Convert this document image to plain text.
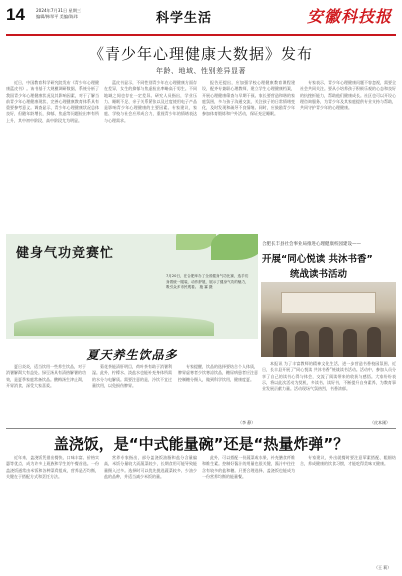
14	2024年7月31日 星期三
编辑/韩翠平 美编/陈玮	科学生活	安徽科技报
《青少年心理健康大数据》发布
年龄、地域、性别差异显著

近日，中国教育科学研究院发布《青少年心理健康蓝皮书》。该书基于大规模调研数据，系统分析了我国青少年心理健康状况及其影响因素，对于了解当前青少年心理健康现状、完善心理健康教育体系具有重要参考意义。调查显示，青少年心理健康状况总体良好，但随年龄增长，抑郁、焦虑等问题检出率有所上升，其中初中阶段、高中阶段尤为明显。

蓝皮书显示，不同性别青少年在心理健康方面存在差异，女生的抑郁与焦虑检出率略高于男生。不同地域之间也存在一定差异。研究人员指出，学业压力、睡眠不足、亲子关系紧张以及过度使用电子产品是影响青少年心理健康的主要因素。专家建议，家庭、学校与社会应形成合力，重视青少年的情绪表达与心理需求。

报告还提出，应加强学校心理健康教育课程建设，配齐专兼职心理教师，建立学生心理健康档案，开展心理健康筛查与早期干预。家长要营造和谐的家庭氛围，多与孩子沟通交流，关注孩子的日常情绪变化，及时发现和疏导不良情绪。同时，应鼓励青少年参加体育锻炼和户外活动，保证充足睡眠。

专家表示，青少年心理健康问题不容忽视，需要全社会共同关注。要从小培养孩子积极乐观的心态和良好的抗挫折能力，帮助他们健康成长。社区也可以开设心理咨询服务，为青少年及其家庭提供专业支持与帮助，共同守护青少年的心理健康。

健身气功竞赛忙
7月20日，在合肥举办了全省健身气功比赛，选手们身着统一服装，动作舒展，展示了健身气功的魅力，吸引众多市民观看。 施 霖 摄
夏天养生饮品多

夏日炎炎，适当饮用一些养生饮品，对于消暑解渴大有益处。绿豆汤具有清热解暑的功效，是夏季家庭常备饮品。酸梅汤生津止渴，开胃消食，深受大家喜爱。

菊花茶能清肝明目，荷叶茶有助于消暑利湿。此外，柠檬水、淡盐水也能补充身体所需的水分与电解质。需要注意的是，冷饮不宜过量饮用，以免损伤脾胃。

专家提醒，饮品的选择要结合个人体质，脾胃虚寒者少饮寒凉饮品，糖尿病患者应注意控制糖分摄入，做到科学饮用，健康度夏。

（李 静）
合肥长丰县社会事业局推进心理健康校园建设——
开展“同心悦读 共沐书香”
统战读书活动

本报讯 为了丰富教师的精神文化生活，进一步营造书香校园氛围，近日，长丰县开展了“同心悦读 共沐书香”统战读书活动。活动中，参加人员分享了自己的读书心得与体会，交流了阅读带来的收获与感悟。大家纷纷表示，将以此次活动为契机，多读书、读好书，不断提升自身素养，为教育事业发展贡献力量。活动现场气氛热烈，书香浓郁。

（皮本刚）
盖浇饭，是“中式能量碗”还是“热量炸弹”？

近年来，盖浇饭凭借出餐快、口味丰富、价格实惠等优点，成为许多上班族和学生的午餐首选。一份盖浇饭通常由米饭和各种菜肴组成，营养是否均衡，关键在于搭配方式和烹饪方法。

营养专家指出，部分盖浇饭油脂和盐分含量偏高，米饭分量较大而蔬菜较少，长期食用可能导致能量摄入过多。选择时可以优先挑选蔬菜较多、少油少盐的品种，并适当减少米饭的量。

此外，可以搭配一份蔬菜或水果，补充膳食纤维和维生素。控制好酱汁的用量也很关键，酱汁中往往含有较多的盐和糖。只要合理选择，盖浇饭也能成为一份营养均衡的能量餐。

专家建议，外出就餐时要注意荤素搭配、粗细结合，养成健康的饮食习惯，才能吃得美味又健康。

（王 莉）
